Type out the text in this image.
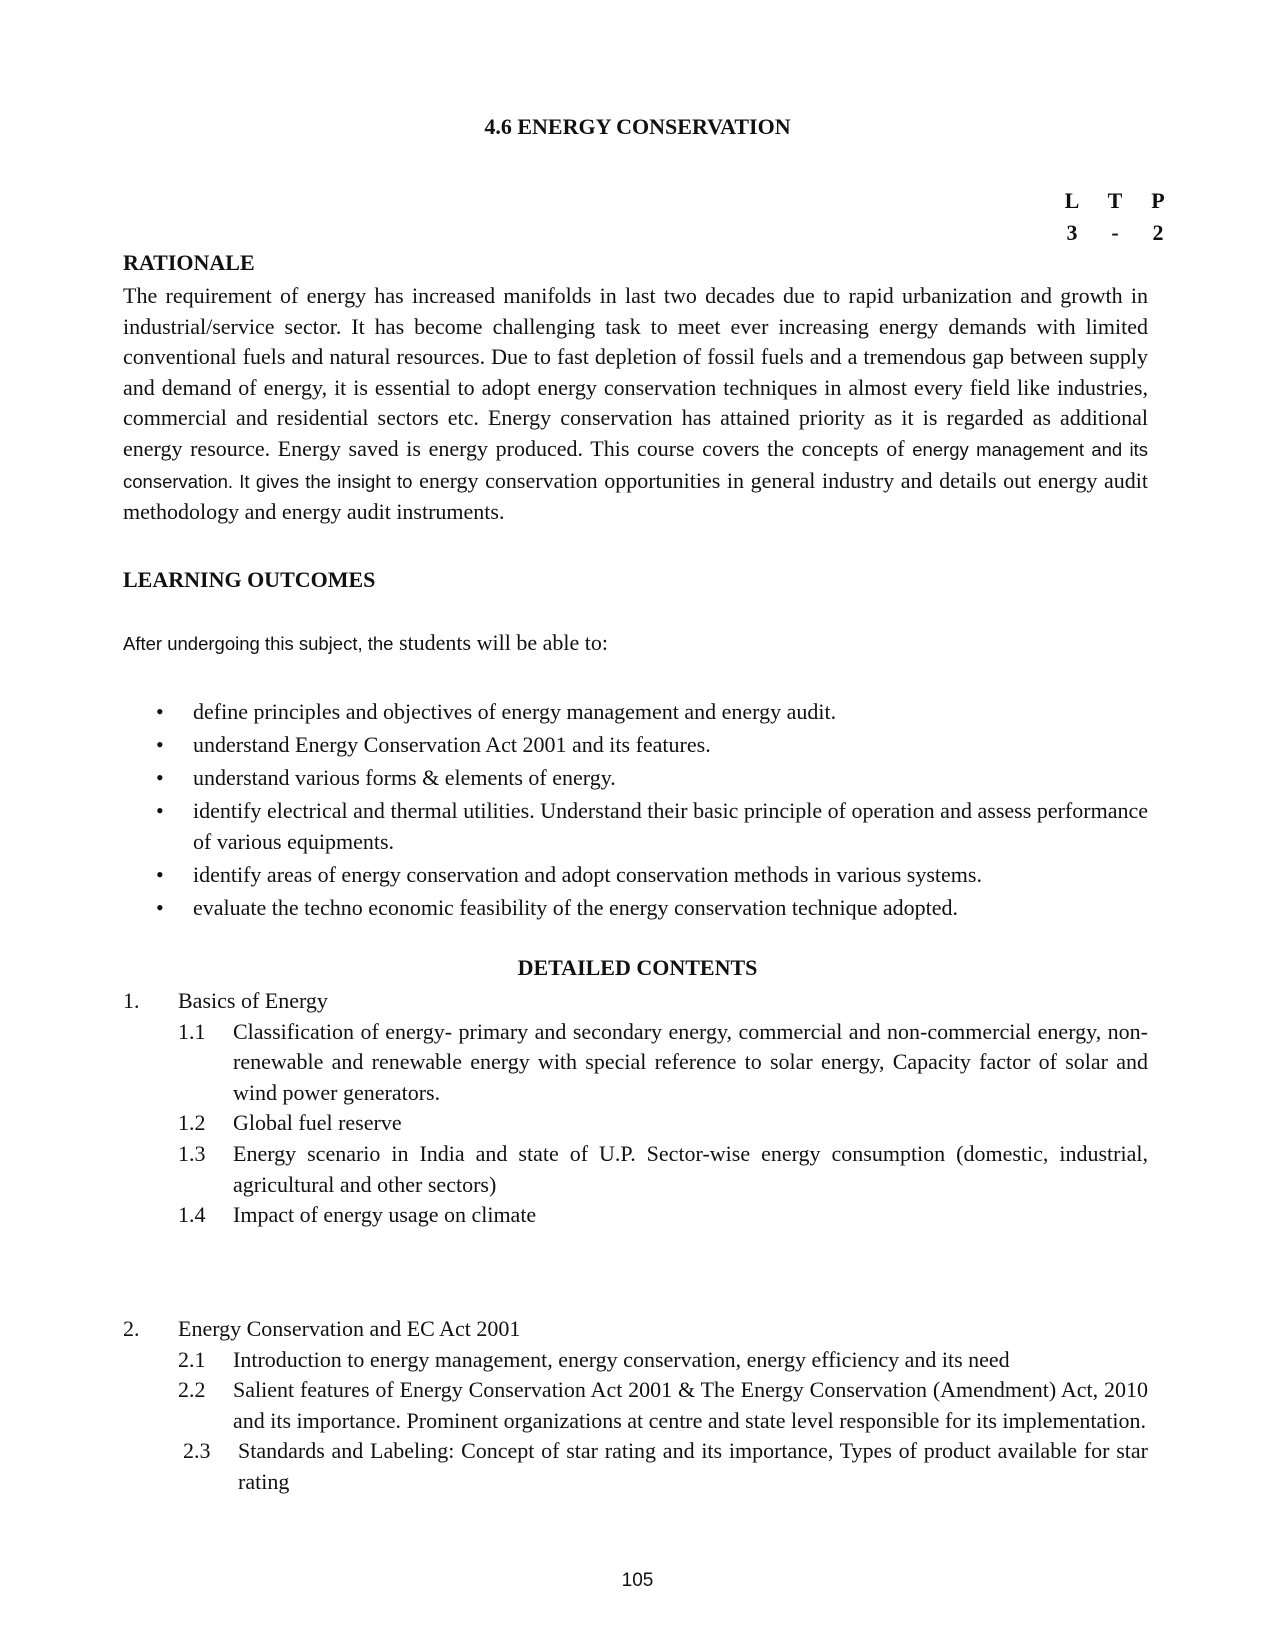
4.6 ENERGY CONSERVATION
L T P
3	-	2
RATIONALE
The requirement of energy has increased manifolds in last two decades due to rapid urbanization and growth in industrial/service sector. It has become challenging task to meet ever increasing energy demands with limited conventional fuels and natural resources. Due to fast depletion of fossil fuels and a tremendous gap between supply and demand of energy, it is essential to adopt energy conservation techniques in almost every field like industries, commercial and residential sectors etc. Energy conservation has attained priority as it is regarded as additional energy resource. Energy saved is energy produced. This course covers the concepts of energy management and its conservation. It gives the insight to energy conservation opportunities in general industry and details out energy audit methodology and energy audit instruments.
LEARNING OUTCOMES
After undergoing this subject, the students will be able to:
• define principles and objectives of energy management and energy audit.
• understand Energy Conservation Act 2001 and its features.
• understand various forms & elements of energy.
• identify electrical and thermal utilities. Understand their basic principle of operation and assess performance of various equipments.
• identify areas of energy conservation and adopt conservation methods in various systems.
• evaluate the techno economic feasibility of the energy conservation technique adopted.
DETAILED CONTENTS
1.	Basics of Energy
1.1 Classification of energy- primary and secondary energy, commercial and non-commercial energy, non-renewable and renewable energy with special reference to solar energy, Capacity factor of solar and wind power generators.
1.2 Global fuel reserve
1.3 Energy scenario in India and state of U.P. Sector-wise energy consumption (domestic, industrial, agricultural and other sectors)
1.4 Impact of energy usage on climate
2.	Energy Conservation and EC Act 2001
2.1 Introduction to energy management, energy conservation, energy efficiency and its need
2.2 Salient features of Energy Conservation Act 2001 & The Energy Conservation (Amendment) Act, 2010 and its importance. Prominent organizations at centre and state level responsible for its implementation.
2.3 Standards and Labeling: Concept of star rating and its importance, Types of product available for star rating
105
